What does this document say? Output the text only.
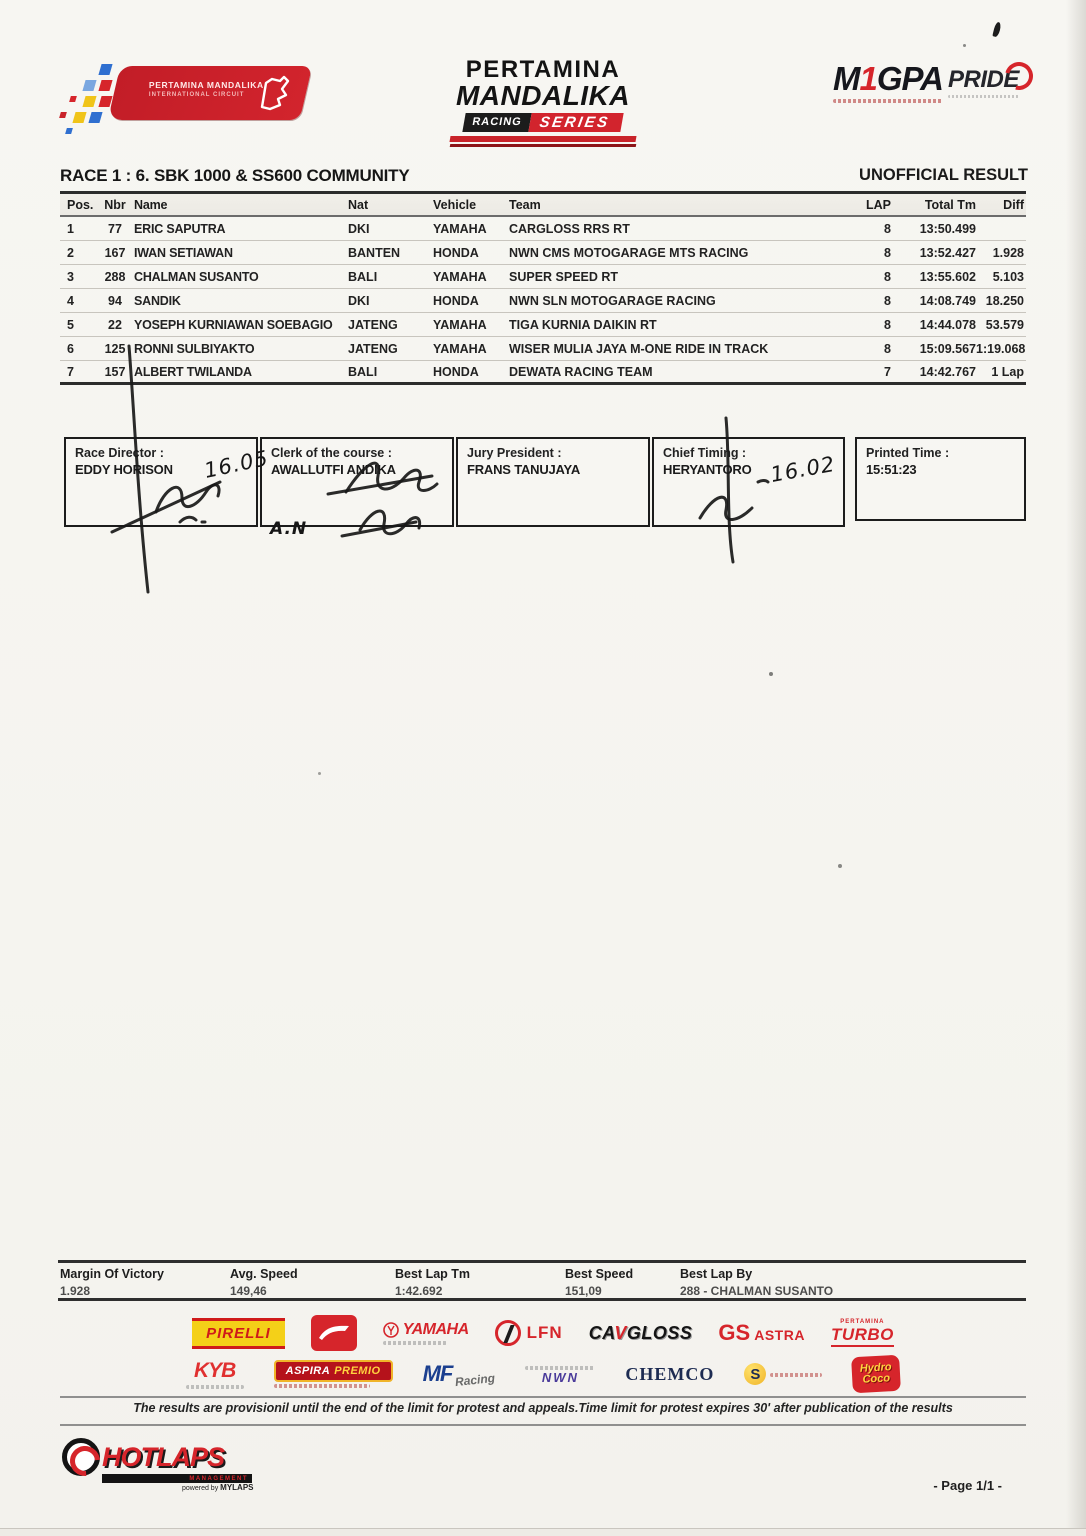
PERTAMINA MANDALIKA
INTERNATIONAL CIRCUIT
PERTAMINA
MANDALIKA
RACING	SERIES
M1GPA PRIDE
RACE 1 : 6. SBK 1000 & SS600 COMMUNITY	UNOFFICIAL RESULT
Pos. Nbr Name	Nat	Vehicle	Team	LAP	Total Tm	Diff
1	77 ERIC SAPUTRA	DKI	YAMAHA	CARGLOSS RRS RT	8	13:50.499
2	167 IWAN SETIAWAN	BANTEN	HONDA	NWN CMS MOTOGARAGE MTS RACING	8	13:52.427	1.928
3	288 CHALMAN SUSANTO	BALI	YAMAHA	SUPER SPEED RT	8	13:55.602	5.103
4	94 SANDIK	DKI	HONDA	NWN SLN MOTOGARAGE RACING	8	14:08.749 18.250
5	22 YOSEPH KURNIAWAN SOEBAGIO	JATENG	YAMAHA	TIGA KURNIA DAIKIN RT	8	14:44.078 53.579
6	125 RONNI SULBIYAKTO	JATENG	YAMAHA	WISER MULIA JAYA M-ONE RIDE IN TRACK	8	15:09.567 1:19.068
7	157 ALBERT TWILANDA	BALI	HONDA	DEWATA RACING TEAM	7	14:42.767	1 Lap
Race Director :
EDDY HORISON
Clerk of the course :
AWALLUTFI ANDIKA
Jury President :
FRANS TANUJAYA
Chief Timing :
HERYANTORO
Printed Time :
15:51:23
16.05
A.N
16.02
Margin Of Victory
1.928
Avg. Speed
149,46
Best Lap Tm
1:42.692
Best Speed
151,09
Best Lap By
288 - CHALMAN SUSANTO
PIRELLI	YAMAHA	LFN CAVGLOSS GS ASTRA
PERTAMINA
TURBO
KYB	ASPIRA PREMIO	MF Racing	NWN	CHEMCO	S	Hydro
Coco
The results are provisionil until the end of the limit for protest and appeals.Time limit for protest expires 30' after publication of the results
HOTLAPS
MANAGEMENT
powered by MYLAPS	- Page 1/1 -
